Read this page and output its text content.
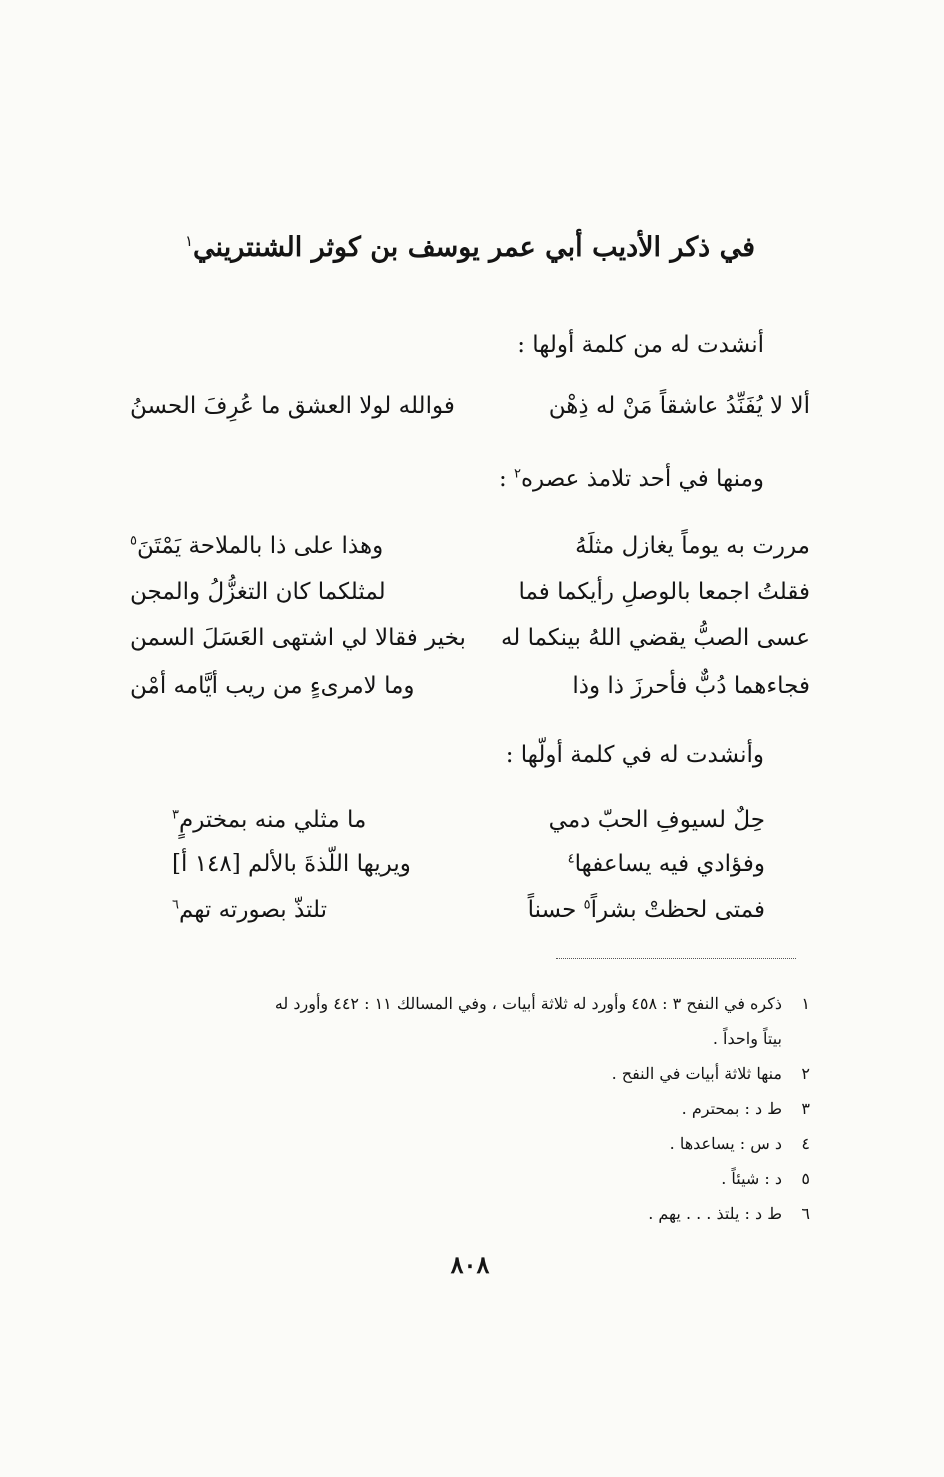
في ذكر الأديب أبي عمر يوسف بن كوثر الشنتريني$^١$
أنشدت له من كلمة أولها :
ألا لا يُفَنِّدُ عاشقاً مَنْ له ذِهْن
فوالله لولا العشق ما عُرِفَ الحسنُ
ومنها في أحد تلامذ عصره$^٢$ :
مررت به يوماً يغازل مثلَهُ
وهذا على ذا بالملاحة يَمْتَنَ$^٥$
فقلتُ اجمعا بالوصلِ رأيكما فما
لمثلكما كان التغزُّلُ والمجن
عسى الصبُّ يقضي اللهُ بينكما له
بخير فقالا لي اشتهى العَسَلَ السمن
فجاءهما دُبٌّ فأحرزَ ذا وذا
وما لامرىءٍ من ريب أيَّامه أمْن
وأنشدت له في كلمة أولّها :
حِلٌ لسيوفِ الحبّ دمي
ما مثلي منه بمخترمٍ$^٣$
وفؤادي فيه يساعفها$^٤$
ويريها اللّذةَ بالألم [١٤٨ أ]
فمتى لحظتْ بشراً$^٥$ حسناً
تلتذّ بصورته تهم$^٦$
١
ذكره في النفح ٣ : ٤٥٨ وأورد له ثلاثة أبيات ، وفي المسالك ١١ : ٤٤٢ وأورد له
بيتاً واحداً .
٢
منها ثلاثة أبيات في النفح .
٣
ط د : بمحترم .
٤
د س : يساعدها .
٥
د : شيئاً .
٦
ط د : يلتذ . . . يهم .
٨٠٨
